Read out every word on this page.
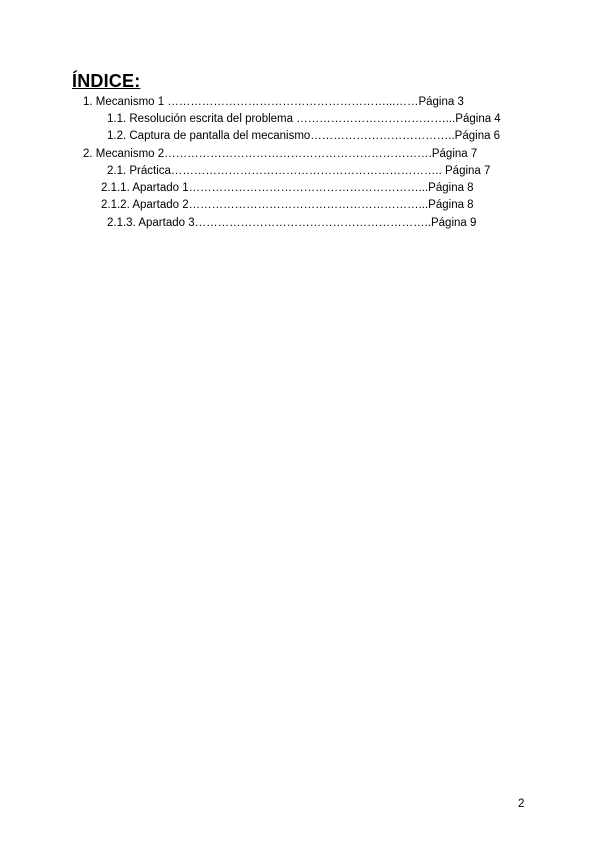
ÍNDICE:
1. Mecanismo 1 …………………………………………………...……Página 3
1.1. Resolución escrita del problema …………………………………...Página 4
1.2. Captura de pantalla del mecanismo………………………………..Página 6
2. Mecanismo 2…………………………………………………………….Página 7
2.1. Práctica…………………………………………………………….. Página 7
2.1.1. Apartado 1……………………………………………………...Página 8
2.1.2. Apartado 2……………………………………………………...Página 8
2.1.3. Apartado 3……………………………………………………..Página 9
2
